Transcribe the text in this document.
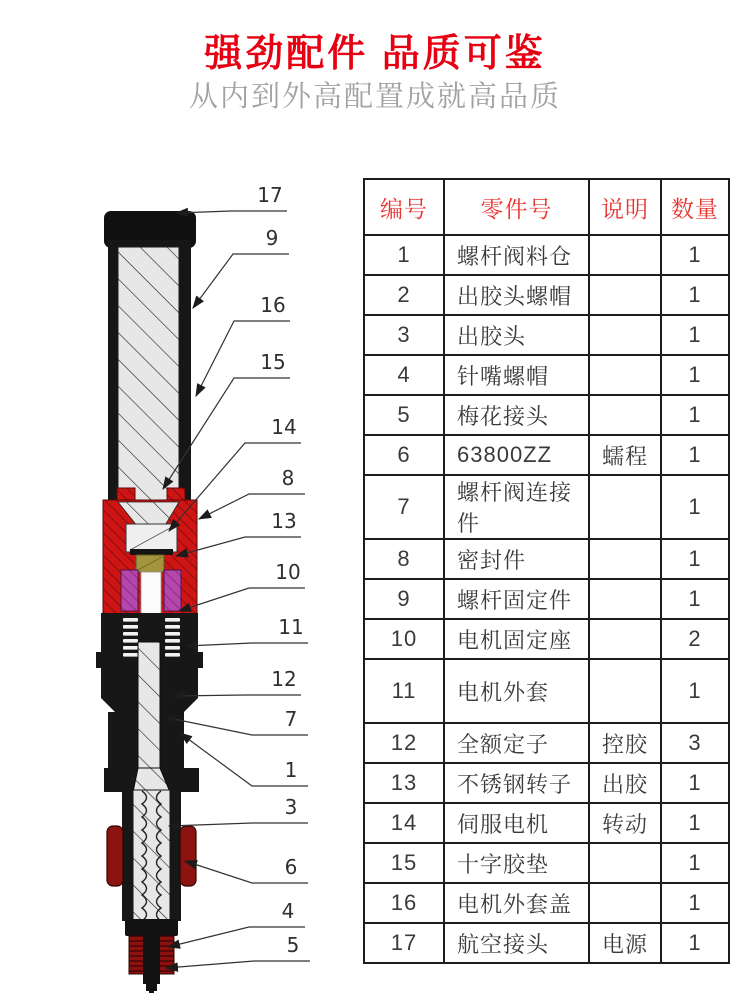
强劲配件 品质可鉴

从内到外高配置成就高品质

17
9
16
15
14
8
13
10
11
12
7
1
3
6
4
5
编号	零件号	说明	数量
1	螺杆阀料仓		1
2	出胶头螺帽		1
3	出胶头		1
4	针嘴螺帽		1
5	梅花接头		1
6	63800ZZ	蠕程	1
7	螺杆阀连接件		1
8	密封件		1
9	螺杆固定件		1
10	电机固定座		2
11	电机外套		1
12	全额定子	控胶	3
13	不锈钢转子	出胶	1
14	伺服电机	转动	1
15	十字胶垫		1
16	电机外套盖		1
17	航空接头	电源	1
